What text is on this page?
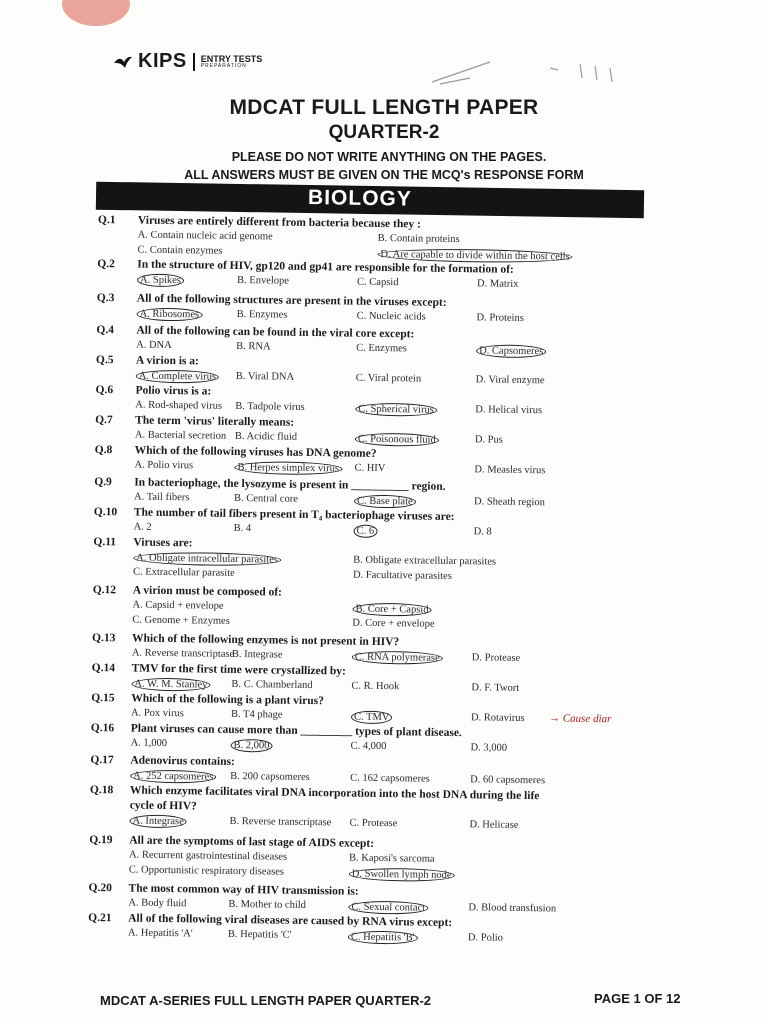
KIPS ENTRY TESTS
PREPARATION
MDCAT FULL LENGTH PAPER
QUARTER-2
PLEASE DO NOT WRITE ANYTHING ON THE PAGES.
ALL ANSWERS MUST BE GIVEN ON THE MCQ's RESPONSE FORM
BIOLOGY
Q.1 Viruses are entirely different from bacteria because they :
A. Contain nucleic acid genome	B. Contain proteins
C. Contain enzymes	D. Are capable to divide within the host cells
Q.2 In the structure of HIV, gp120 and gp41 are responsible for the formation of:
A. Spikes	B. Envelope	C. Capsid	D. Matrix
Q.3 All of the following structures are present in the viruses except:
A. Ribosomes	B. Enzymes	C. Nucleic acids	D. Proteins
Q.4 All of the following can be found in the viral core except:
A. DNA	B. RNA	C. Enzymes	D. Capsomeres
Q.5 A virion is a:
A. Complete virus B. Viral DNA	C. Viral protein	D. Viral enzyme
Q.6 Polio virus is a:
A. Rod-shaped virus B. Tadpole virus	C. Spherical virus	D. Helical virus
Q.7 The term 'virus' literally means:
A. Bacterial secretion B. Acidic fluid	C. Poisonous fluid	D. Pus
Q.8 Which of the following viruses has DNA genome?
A. Polio virus	B. Herpes simplex virus C. HIV	D. Measles virus
Q.9 In bacteriophage, the lysozyme is present in __________ region.
A. Tail fibers	B. Central core	C. Base plate	D. Sheath region
Q.10 The number of tail fibers present in T₄ bacteriophage viruses are:
A. 2	B. 4	C. 6	D. 8
Q.11 Viruses are:
A. Obligate intracellular parasites	B. Obligate extracellular parasites
C. Extracellular parasite	D. Facultative parasites
Q.12 A virion must be composed of:
A. Capsid + envelope	B. Core + Capsid
C. Genome + Enzymes	D. Core + envelope
Q.13 Which of the following enzymes is not present in HIV?
A. Reverse transcriptase
B. Integrase	C. RNA polymerase	D. Protease
Q.14 TMV for the first time were crystallized by:
A. W. M. Stanley B. C. Chamberland	C. R. Hook	D. F. Twort
Q.15 Which of the following is a plant virus?
A. Pox virus	B. T4 phage	C. TMV	D. Rotavirus → Cause diar
Q.16 Plant viruses can cause more than _________ types of plant disease.
A. 1,000	B. 2,000	C. 4,000	D. 3,000
Q.17 Adenovirus contains:
A. 252 capsomeres B. 200 capsomeres	C. 162 capsomeres	D. 60 capsomeres
Q.18 Which enzyme facilitates viral DNA incorporation into the host DNA during the life
cycle of HIV?
A. Integrase	B. Reverse transcriptase C. Protease	D. Helicase
Q.19 All are the symptoms of last stage of AIDS except:
A. Recurrent gastrointestinal diseases	B. Kaposi's sarcoma
C. Opportunistic respiratory diseases	D. Swollen lymph node
Q.20 The most common way of HIV transmission is:
A. Body fluid	B. Mother to child	C. Sexual contact	D. Blood transfusion
Q.21 All of the following viral diseases are caused by RNA virus except:
A. Hepatitis 'A'	B. Hepatitis 'C'	C. Hepatitis 'B'	D. Polio
MDCAT A-SERIES FULL LENGTH PAPER QUARTER-2	PAGE 1 OF 12
